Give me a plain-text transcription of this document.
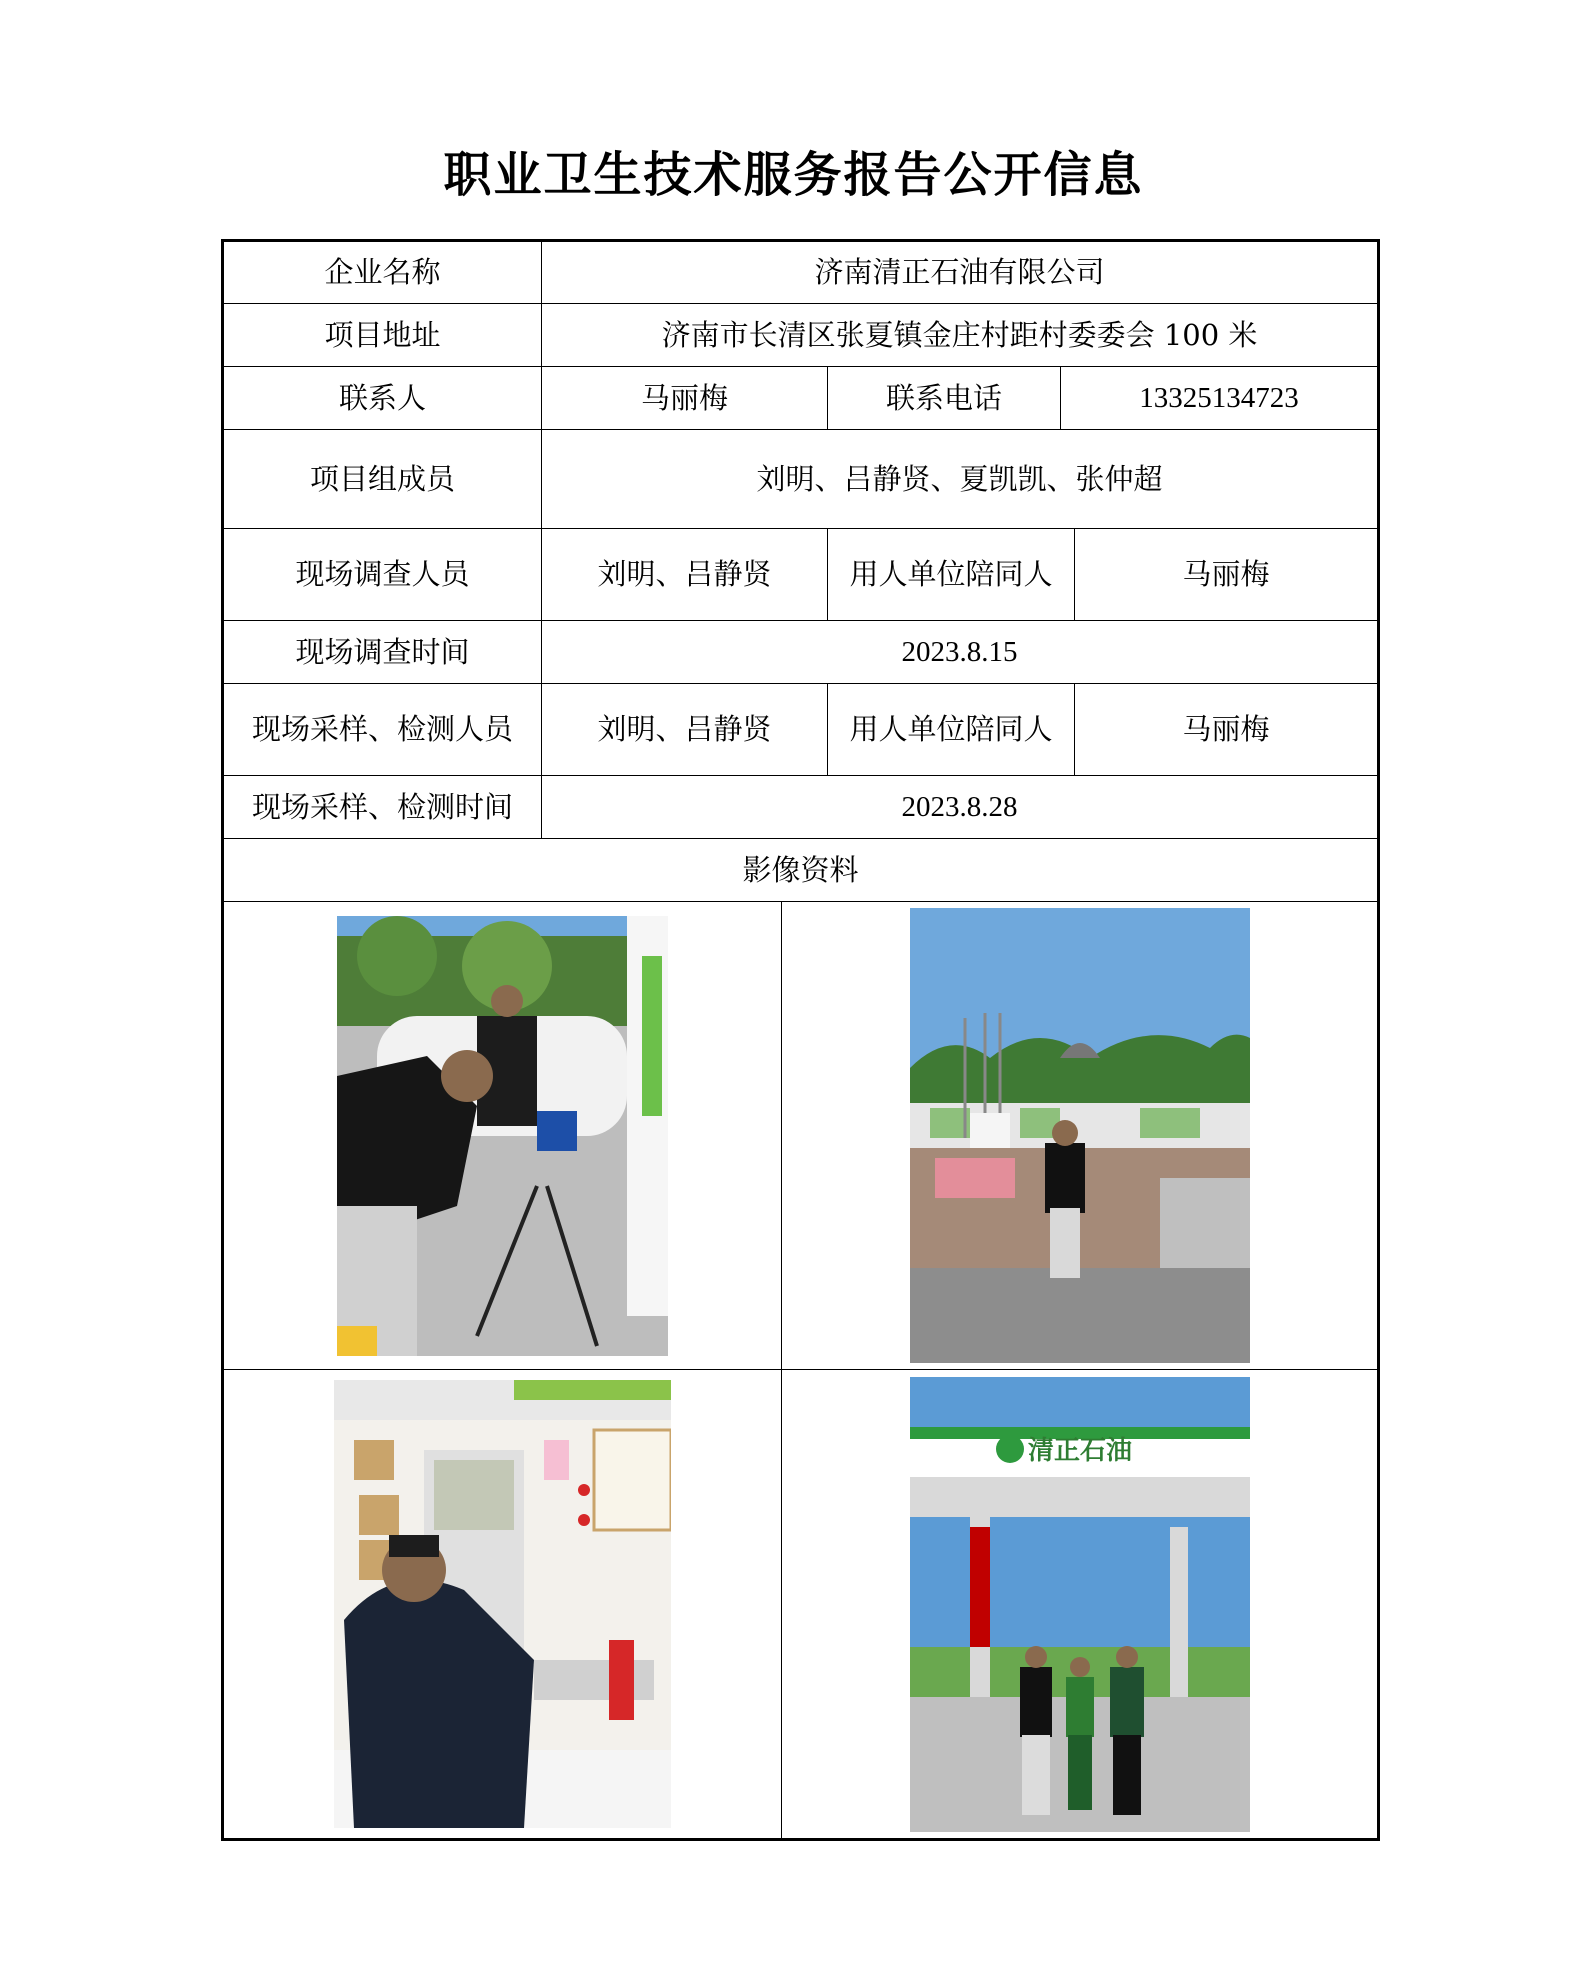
职业卫生技术服务报告公开信息
企业名称	济南清正石油有限公司				
项目地址	济南市长清区张夏镇金庄村距村委委会 100 米				
联系人	马丽梅		联系电话	13325134723	
项目组成员	刘明、吕静贤、夏凯凯、张仲超				
现场调查人员	刘明、吕静贤		用人单位陪同人		马丽梅
现场调查时间	2023.8.15				
现场采样、检测人员	刘明、吕静贤		用人单位陪同人		马丽梅
现场采样、检测时间	2023.8.28				
影像资料					

清正石油			
